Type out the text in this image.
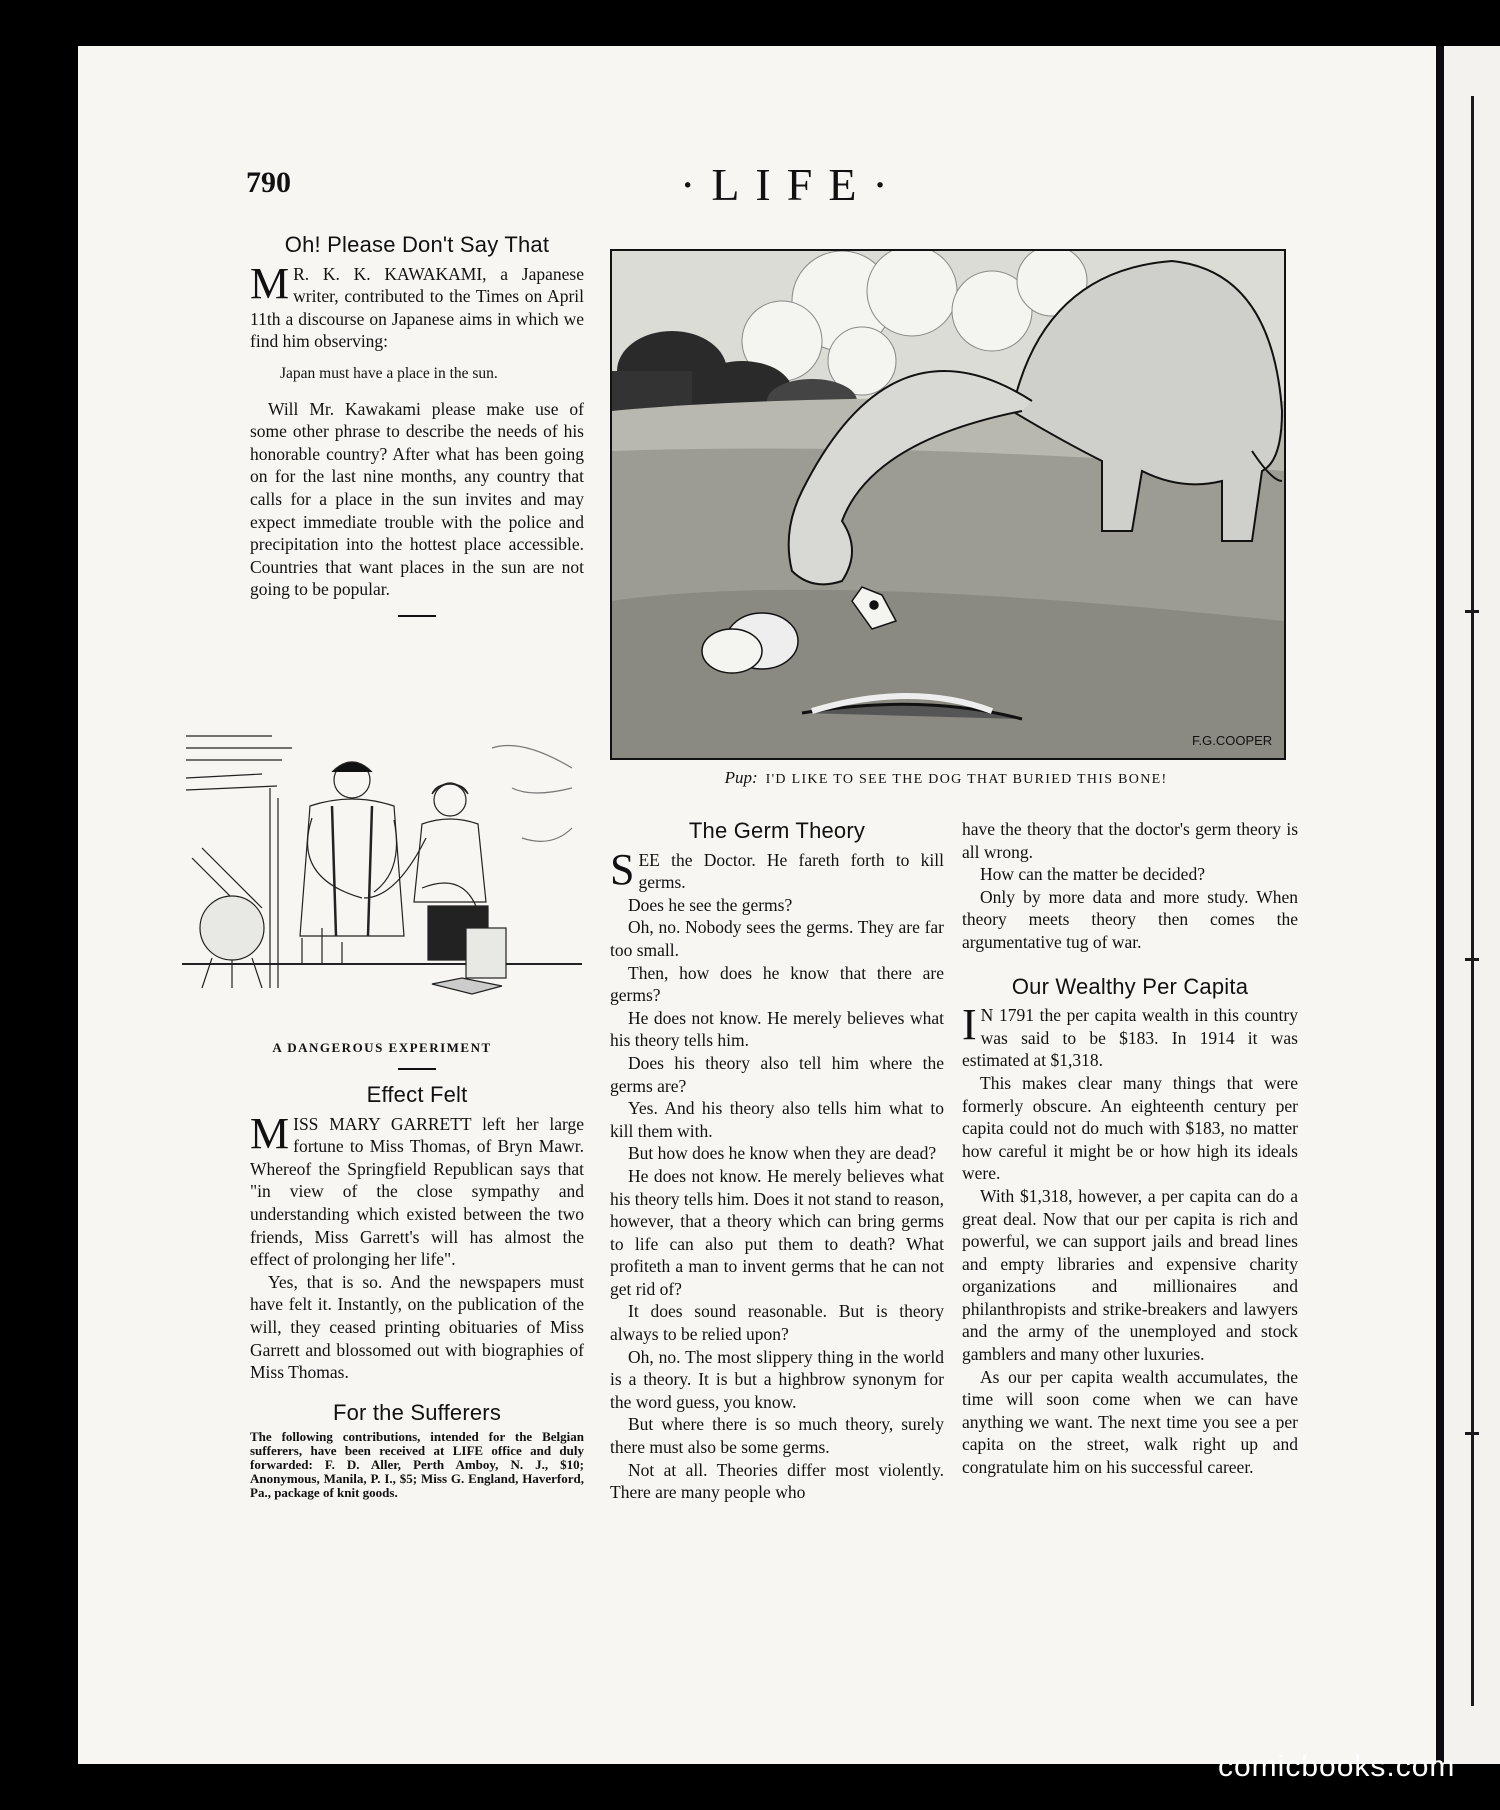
790	·LIFE·
Oh! Please Don't Say That

M R. K. K. KAWAKAMI, a Japanese writer, contributed to the Times on April 11th a discourse on Japanese aims in which we find him observing:

Japan must have a place in the sun.

Will Mr. Kawakami please make use of some other phrase to describe the needs of his honorable country? After what has been going on for the last nine months, any country that calls for a place in the sun invites and may expect immediate trouble with the police and precipitation into the hottest place accessible. Countries that want places in the sun are not going to be popular.

A DANGEROUS EXPERIMENT
Effect Felt

MISS MARY GARRETT left her large fortune to Miss Thomas, of Bryn Mawr. Whereof the Springfield Republican says that "in view of the close sympathy and understanding which existed between the two friends, Miss Garrett's will has almost the effect of prolonging her life".

Yes, that is so. And the newspapers must have felt it. Instantly, on the publication of the will, they ceased printing obituaries of Miss Garrett and blossomed out with biographies of Miss Thomas.

For the Sufferers

The following contributions, intended for the Belgian sufferers, have been received at LIFE office and duly forwarded: F. D. Aller, Perth Amboy, N. J., $10; Anonymous, Manila, P. I., $5; Miss G. England, Haverford, Pa., package of knit goods.

F.G.COOPER
Pup: I'D LIKE TO SEE THE DOG THAT BURIED THIS BONE!
The Germ Theory

SEE the Doctor. He fareth forth to kill germs.

Does he see the germs?

Oh, no. Nobody sees the germs. They are far too small.

Then, how does he know that there are germs?

He does not know. He merely believes what his theory tells him.

Does his theory also tell him where the germs are?

Yes. And his theory also tells him what to kill them with.

But how does he know when they are dead?

He does not know. He merely believes what his theory tells him. Does it not stand to reason, however, that a theory which can bring germs to life can also put them to death? What profiteth a man to invent germs that he can not get rid of?

It does sound reasonable. But is theory always to be relied upon?

Oh, no. The most slippery thing in the world is a theory. It is but a highbrow synonym for the word guess, you know.

But where there is so much theory, surely there must also be some germs.

Not at all. Theories differ most violently. There are many people who

have the theory that the doctor's germ theory is all wrong.

How can the matter be decided?

Only by more data and more study. When theory meets theory then comes the argumentative tug of war.

Our Wealthy Per Capita

I N 1791 the per capita wealth in this country was said to be $183. In 1914 it was estimated at $1,318.

This makes clear many things that were formerly obscure. An eighteenth century per capita could not do much with $183, no matter how careful it might be or how high its ideals were.

With $1,318, however, a per capita can do a great deal. Now that our per capita is rich and powerful, we can support jails and bread lines and empty libraries and expensive charity organizations and millionaires and philanthropists and strike-breakers and lawyers and the army of the unemployed and stock gamblers and many other luxuries.

As our per capita wealth accumulates, the time will soon come when we can have anything we want. The next time you see a per capita on the street, walk right up and congratulate him on his successful career.

comicbooks.com
